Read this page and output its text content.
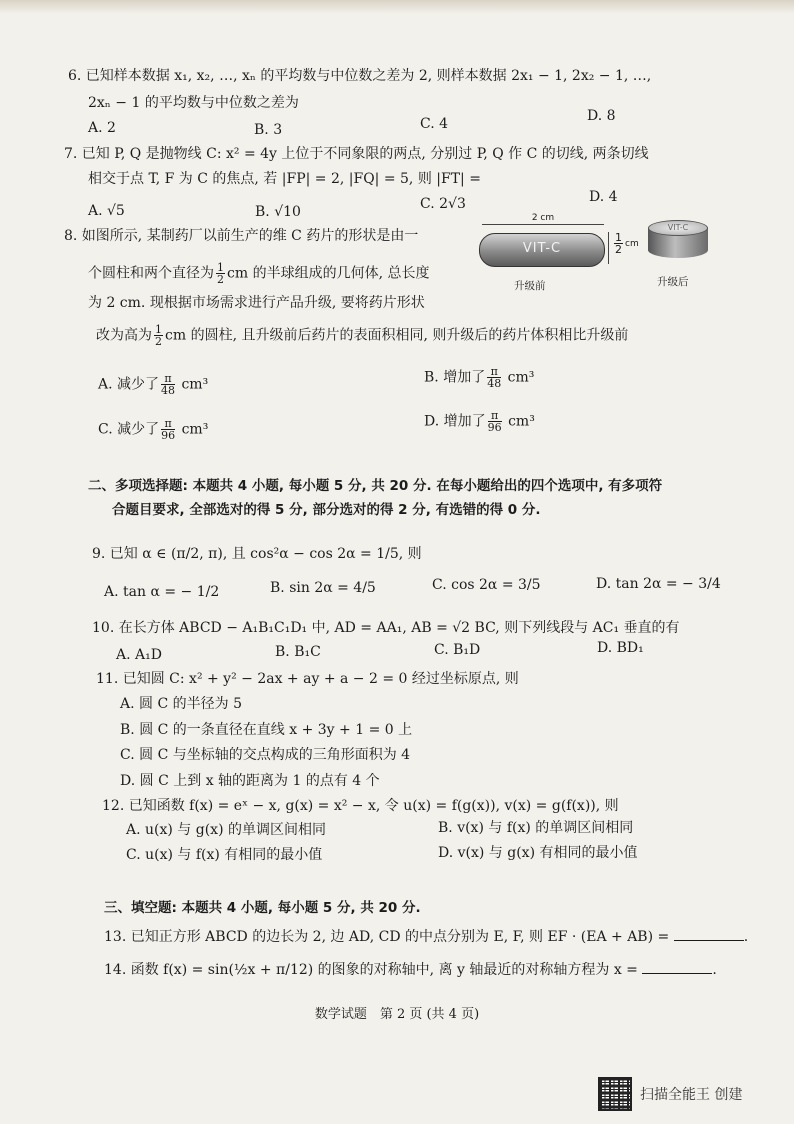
6. 已知样本数据 x₁, x₂, …, xₙ 的平均数与中位数之差为 2, 则样本数据 2x₁ − 1, 2x₂ − 1, …,
2xₙ − 1 的平均数与中位数之差为
A. 2	B. 3	C. 4	D. 8
7. 已知 P, Q 是抛物线 C: x² = 4y 上位于不同象限的两点, 分别过 P, Q 作 C 的切线, 两条切线
相交于点 T, F 为 C 的焦点, 若 |FP| = 2, |FQ| = 5, 则 |FT| =
A. √5	B. √10	C. 2√3	D. 4
8. 如图所示, 某制药厂以前生产的维 C 药片的形状是由一
个圆柱和两个直径为 $\frac{1}{2}$ cm 的半球组成的几何体, 总长度
为 2 cm. 现根据市场需求进行产品升级, 要将药片形状
改为高为 $\frac{1}{2}$ cm 的圆柱, 且升级前后药片的表面积相同, 则升级后的药片体积相比升级前
2 cm
VIT-C	$\frac{1}{2}$ cm
VIT-C
升级前	升级后
A. 减少了 $\frac{\pi}{48} cm^3$	B. 增加了 $\frac{\pi}{48} cm^3$
C. 减少了 $\frac{\pi}{96} cm^3$	D. 增加了 $\frac{\pi}{96} cm^3$
二、多项选择题: 本题共 4 小题, 每小题 5 分, 共 20 分. 在每小题给出的四个选项中, 有多项符
合题目要求, 全部选对的得 5 分, 部分选对的得 2 分, 有选错的得 0 分.
9. 已知 α ∈ (π/2, π), 且 cos²α − cos 2α = 1/5, 则
A. tan α = − 1/2	B. sin 2α = 4/5	C. cos 2α = 3/5	D. tan 2α = − 3/4
10. 在长方体 ABCD − A₁B₁C₁D₁ 中, AD = AA₁, AB = √2 BC, 则下列线段与 AC₁ 垂直的有
A. A₁D	B. B₁C	C. B₁D	D. BD₁
11. 已知圆 C: x² + y² − 2ax + ay + a − 2 = 0 经过坐标原点, 则
A. 圆 C 的半径为 5
B. 圆 C 的一条直径在直线 x + 3y + 1 = 0 上
C. 圆 C 与坐标轴的交点构成的三角形面积为 4
D. 圆 C 上到 x 轴的距离为 1 的点有 4 个
12. 已知函数 f(x) = eˣ − x, g(x) = x² − x, 令 u(x) = f(g(x)), v(x) = g(f(x)), 则
A. u(x) 与 g(x) 的单调区间相同	B. v(x) 与 f(x) 的单调区间相同
C. u(x) 与 f(x) 有相同的最小值	D. v(x) 与 g(x) 有相同的最小值
三、填空题: 本题共 4 小题, 每小题 5 分, 共 20 分.
13. 已知正方形 ABCD 的边长为 2, 边 AD, CD 的中点分别为 E, F, 则 EF · (EA + AB) =	.
14. 函数 f(x) = sin(½x + π/12) 的图象的对称轴中, 离 y 轴最近的对称轴方程为 x =	.
数学试题　第 2 页 (共 4 页)
扫描全能王 创建
